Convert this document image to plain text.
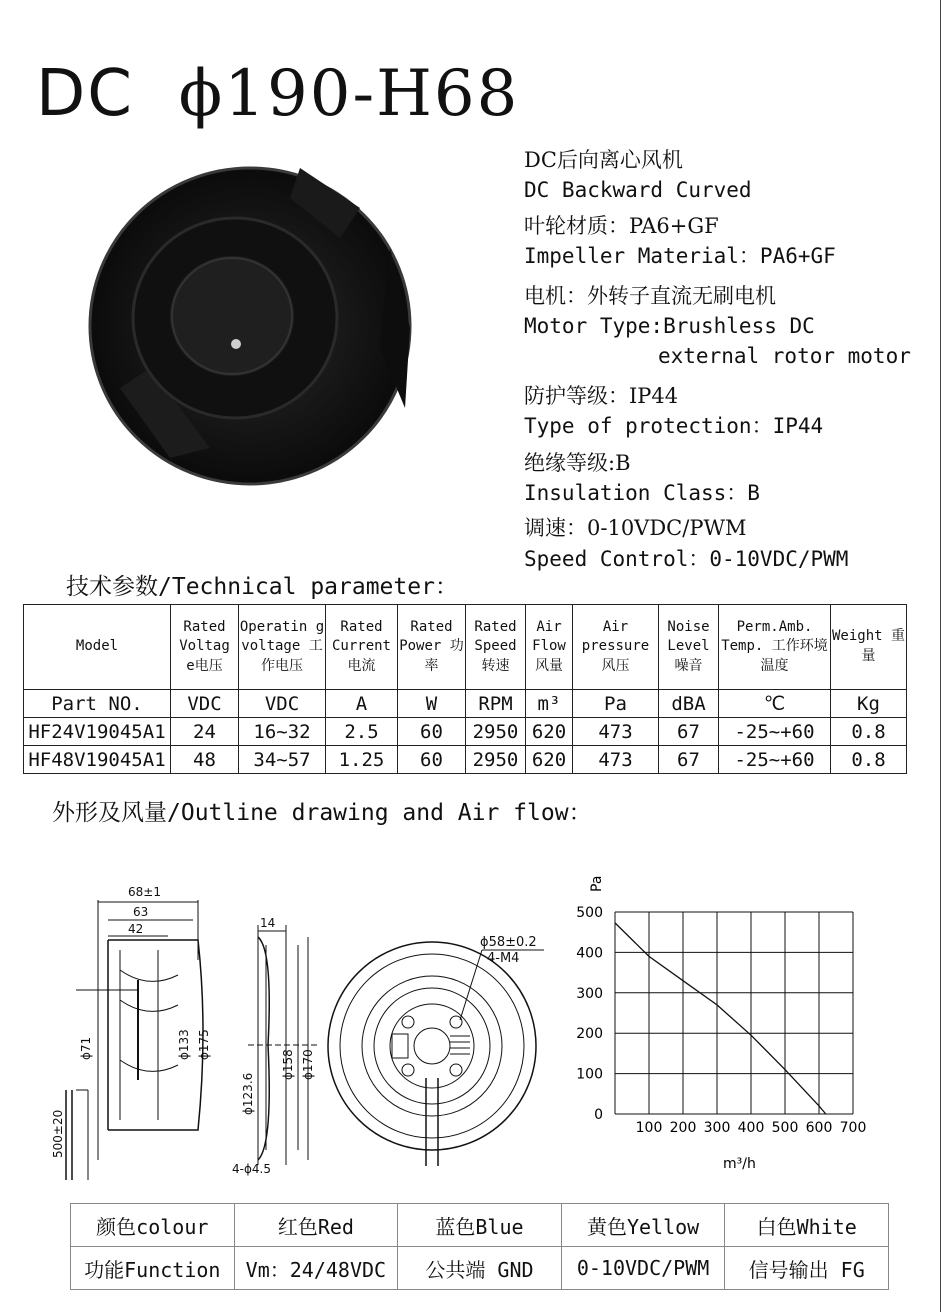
DC ϕ190-H68
DC后向离心风机
DC Backward Curved
叶轮材质：PA6+GF
Impeller Material：PA6+GF
电机：外转子直流无刷电机
Motor Type:Brushless DC
external rotor motor
防护等级：IP44
Type of protection：IP44
绝缘等级:B
Insulation Class：B
调速：0-10VDC/PWM
Speed Control：0-10VDC/PWM
技术参数/Technical parameter：
Model	Rated Voltag e电压	Operatin g voltage 工作电压	Rated Current 电流	Rated Power 功率	Rated Speed 转速	Air Flow 风量	Air pressure 风压	Noise Level 噪音	Perm.Amb. Temp. 工作环境温度	Weight 重量
Part NO.	VDC	VDC	A	W	RPM	m³	Pa	dBA	℃	Kg
HF24V19045A1	24	16~32	2.5	60	2950	620	473	67	-25~+60	0.8
HF48V19045A1	48	34~57	1.25	60	2950	620	473	67	-25~+60	0.8
外形及风量/Outline drawing and Air flow：
68±1
63
42
ϕ71	ϕ133 ϕ175
500±20
14
ϕ123.6
ϕ158 ϕ170
4-ϕ4.5
ϕ58±0.2
4-M4
100 200 300 400 500 600 700
0
100
200
300
400
500
Pa
m³/h
颜色colour	红色Red	蓝色Blue	黄色Yellow	白色White
功能Function	Vm：24/48VDC	公共端 GND	0-10VDC/PWM	信号输出 FG
